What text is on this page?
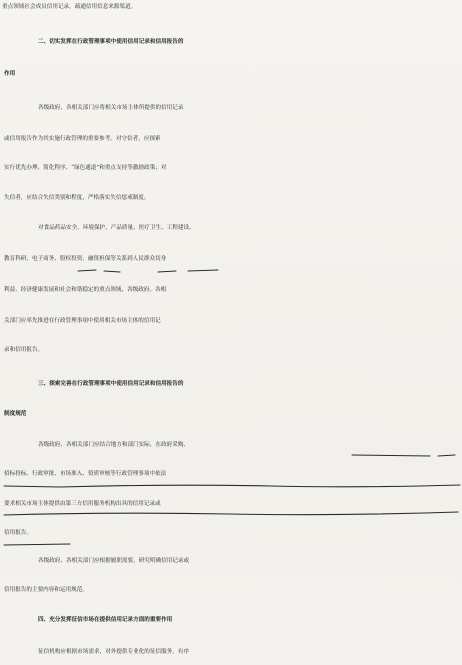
重点领域社会成员信用记录，疏通信用信息来源渠道。
二、切实发挥在行政管理事项中使用信用记录和信用报告的
作用
各级政府、各相关部门应将相关市场主体所提供的信用记录
或信用报告作为其实施行政管理的重要参考。对守信者，应探索
实行优先办理、简化程序、“绿色通道”和重点支持等激励政策；对
失信者，应结合失信类别和程度，严格落实失信惩戒制度。
对食品药品安全、环境保护、产品质量、医疗卫生、工程建设、
教育科研、电子商务、股权投资、融资担保等关系到人民群众切身
利益、经济健康发展和社会和谐稳定的重点领域，各级政府、各相
关部门应率先推进在行政管理事项中使用相关市场主体的信用记
录和信用报告。
三、探索完善在行政管理事项中使用信用记录和信用报告的
制度规范
各级政府、各相关部门应结合地方和部门实际，在政府采购、
招标投标、行政审批、市场准入、资质审核等行政管理事项中依法
要求相关市场主体提供由第三方信用服务机构出具的信用记录或
信用报告。
各级政府、各相关部门应根据履职需要，研究明确信用记录或
信用报告的主要内容和运用规范。
四、充分发挥征信市场在提供信用记录方面的重要作用
征信机构应根据市场需求，对外提供专业化的征信服务，有序
